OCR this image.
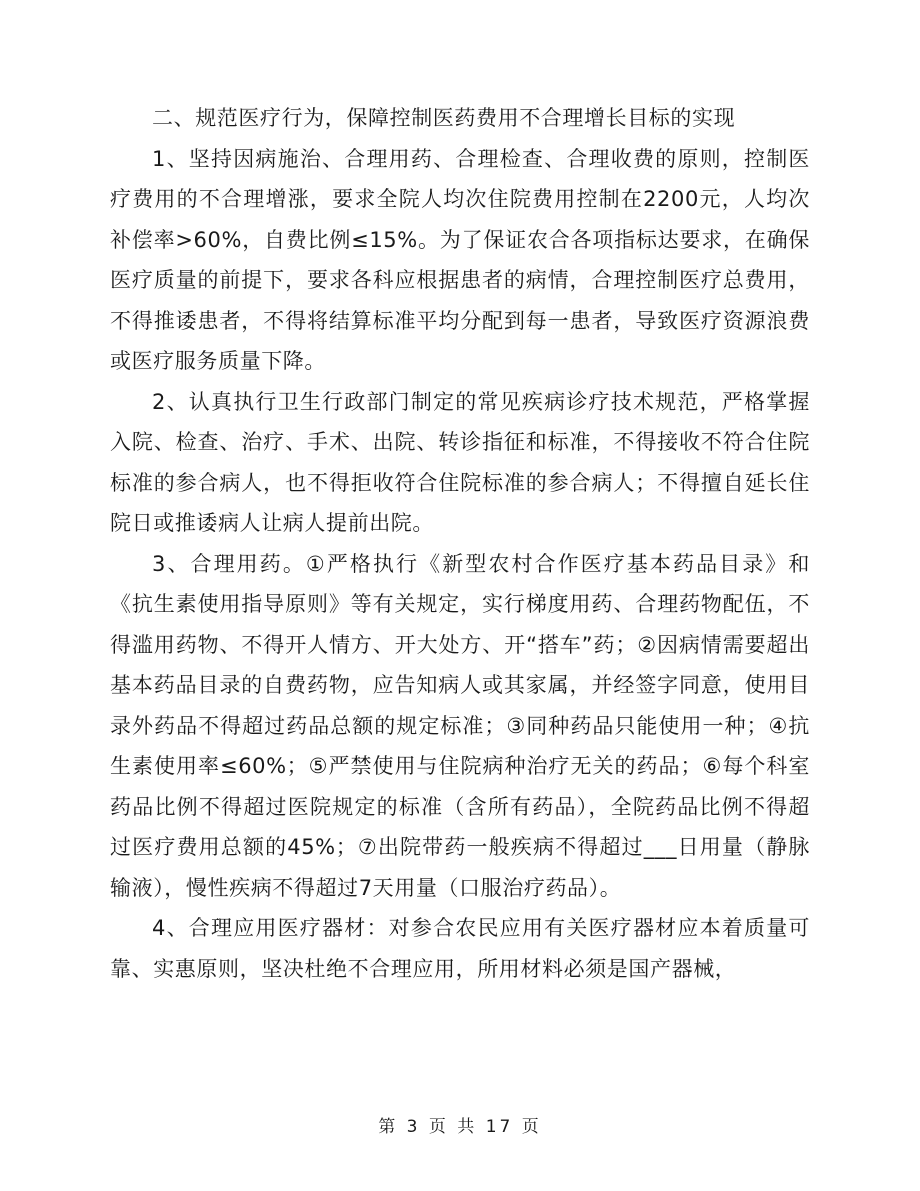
二、规范医疗行为，保障控制医药费用不合理增长目标的实现

1、坚持因病施治、合理用药、合理检查、合理收费的原则，控制医疗费用的不合理增涨，要求全院人均次住院费用控制在2200元，人均次补偿率>60%，自费比例≤15%。为了保证农合各项指标达要求，在确保医疗质量的前提下，要求各科应根据患者的病情，合理控制医疗总费用，不得推诿患者，不得将结算标准平均分配到每一患者，导致医疗资源浪费或医疗服务质量下降。

2、认真执行卫生行政部门制定的常见疾病诊疗技术规范，严格掌握入院、检查、治疗、手术、出院、转诊指征和标准，不得接收不符合住院标准的参合病人，也不得拒收符合住院标准的参合病人；不得擅自延长住院日或推诿病人让病人提前出院。

3、合理用药。①严格执行《新型农村合作医疗基本药品目录》和《抗生素使用指导原则》等有关规定，实行梯度用药、合理药物配伍，不得滥用药物、不得开人情方、开大处方、开“搭车”药；②因病情需要超出基本药品目录的自费药物，应告知病人或其家属，并经签字同意，使用目录外药品不得超过药品总额的规定标准；③同种药品只能使用一种；④抗生素使用率≤60%；⑤严禁使用与住院病种治疗无关的药品；⑥每个科室药品比例不得超过医院规定的标准（含所有药品），全院药品比例不得超过医疗费用总额的45%；⑦出院带药一般疾病不得超过___日用量（静脉输液），慢性疾病不得超过7天用量（口服治疗药品）。

4、合理应用医疗器材：对参合农民应用有关医疗器材应本着质量可靠、实惠原则，坚决杜绝不合理应用，所用材料必须是国产器械，

第 3 页 共 17 页
